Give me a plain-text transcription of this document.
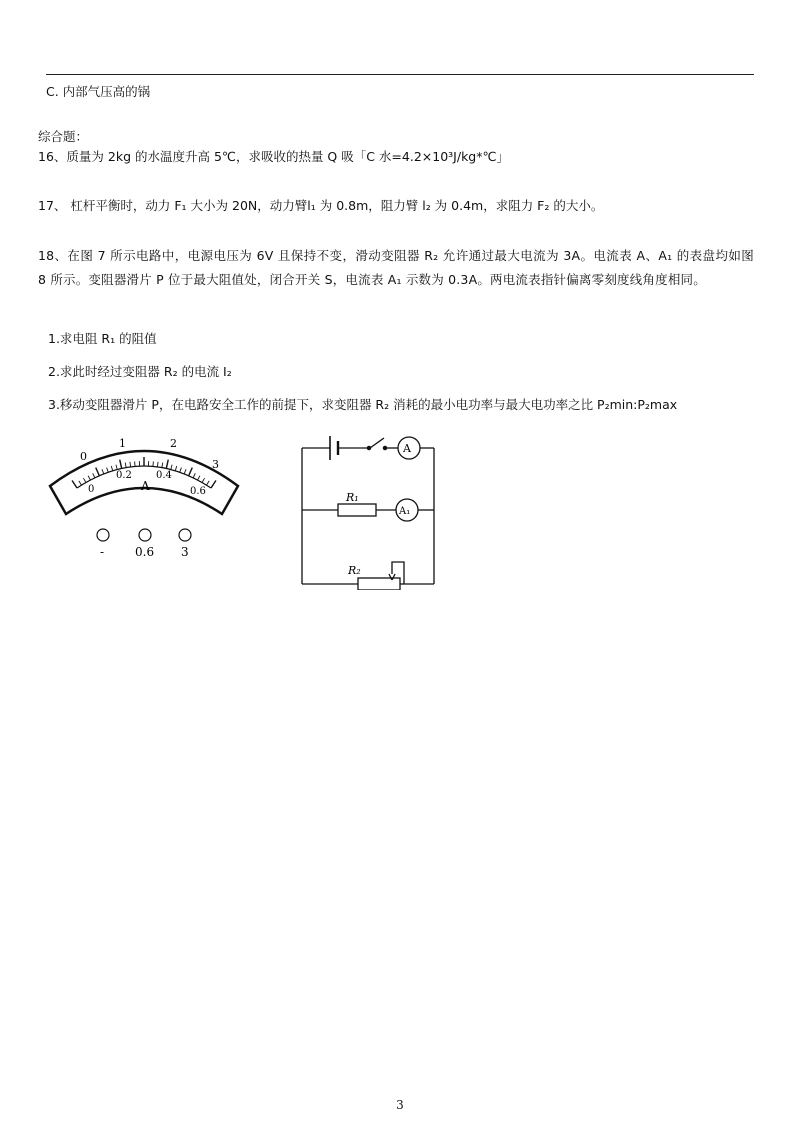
C. 内部气压高的锅
综合题：
16、质量为 2kg 的水温度升高 5℃，求吸收的热量 Q 吸「C 水=4.2×10³J/kg*℃」
17、 杠杆平衡时，动力 F₁ 大小为 20N，动力臂l₁ 为 0.8m，阻力臂 l₂ 为 0.4m，求阻力 F₂ 的大小。
18、在图 7 所示电路中，电源电压为 6V 且保持不变，滑动变阻器 R₂ 允许通过最大电流为 3A。电流表 A、A₁ 的表盘均如图 8 所示。变阻器滑片 P 位于最大阻值处，闭合开关 S，电流表 A₁ 示数为 0.3A。两电流表指针偏离零刻度线角度相同。
1.求电阻 R₁ 的阻值
2.求此时经过变阻器 R₂ 的电流 I₂
3.移动变阻器滑片 P，在电路安全工作的前提下，求变阻器 R₂ 消耗的最小电功率与最大电功率之比 P₂min:P₂max
0
1	2
3
0
0.2 0.4
0.6
A
-	0.6 3
A
A₁
R₁
R₂
3
